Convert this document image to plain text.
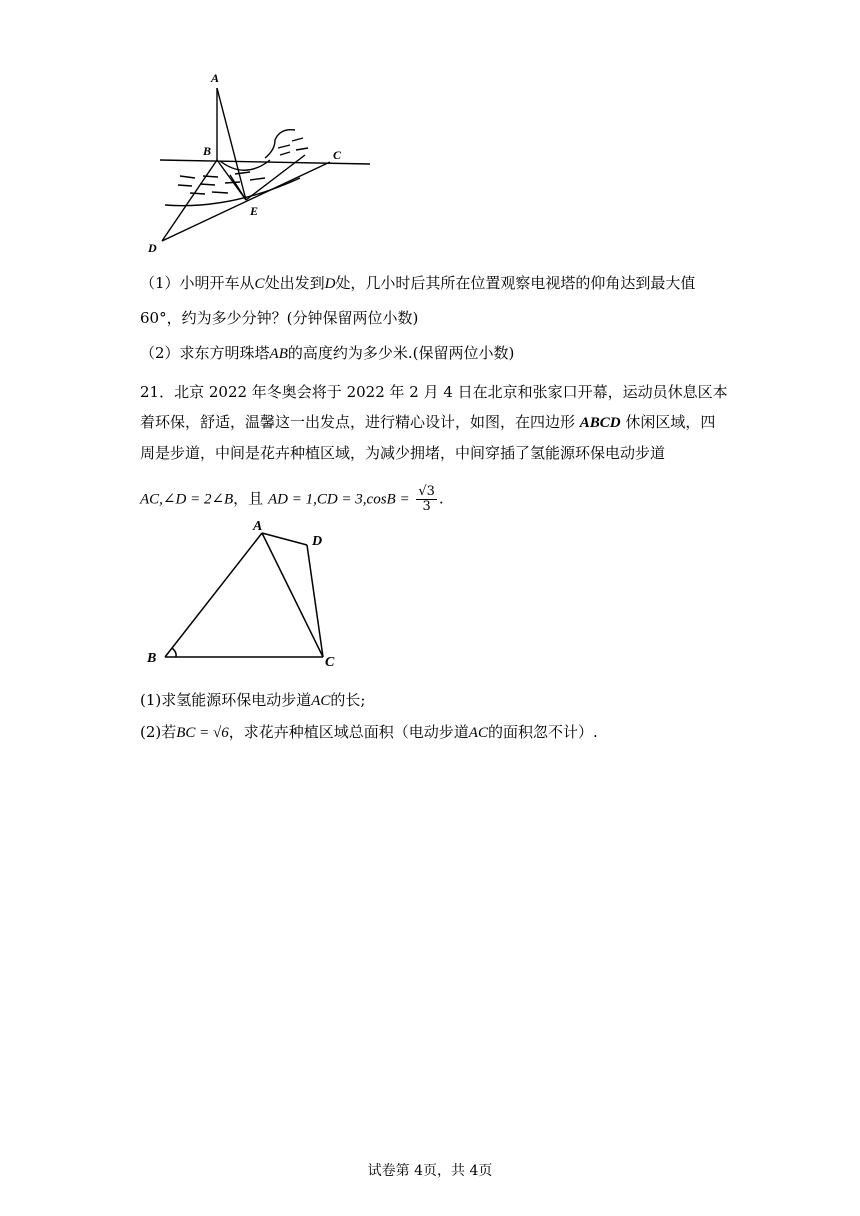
A
B	C
D
E
（1）小明开车从C处出发到D处，几小时后其所在位置观察电视塔的仰角达到最大值
60°，约为多少分钟？(分钟保留两位小数)
（2）求东方明珠塔AB的高度约为多少米.(保留两位小数)
21．北京 2022 年冬奥会将于 2022 年 2 月 4 日在北京和张家口开幕，运动员休息区本着环保，舒适，温馨这一出发点，进行精心设计，如图，在四边形 ABCD 休闲区域，四周是步道，中间是花卉种植区域，为减少拥堵，中间穿插了氢能源环保电动步道
AC,∠D = 2∠B，且 AD = $1,CD = 3,\cos B = \frac{√3}{3}$ .
A
D
B	C
(1)求氢能源环保电动步道AC的长;
(2)若BC = √6，求花卉种植区域总面积（电动步道AC的面积忽不计）.
试卷第 4页，共 4页
